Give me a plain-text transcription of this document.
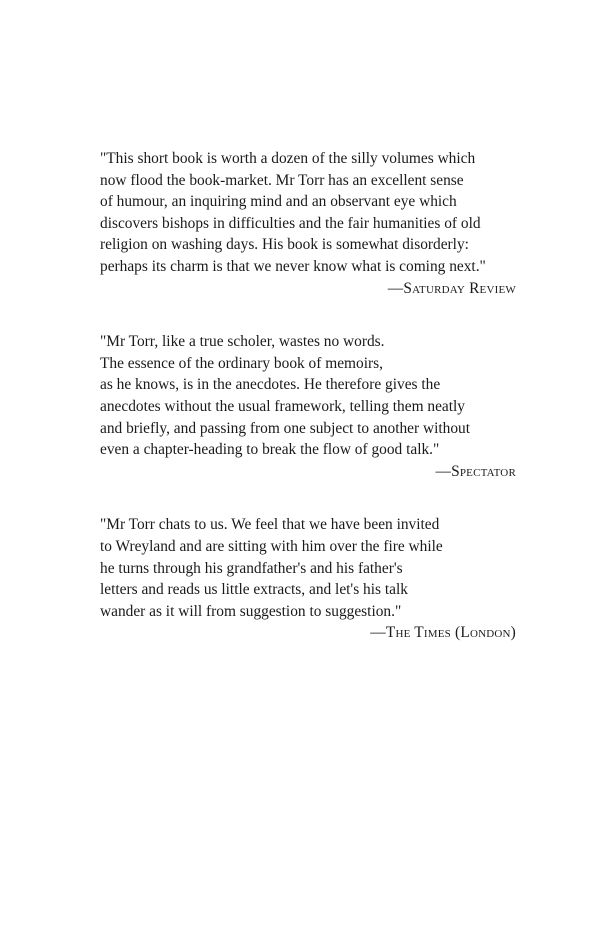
"This short book is worth a dozen of the silly volumes which
now flood the book-market. Mr Torr has an excellent sense
of humour, an inquiring mind and an observant eye which
discovers bishops in difficulties and the fair humanities of old
religion on washing days. His book is somewhat disorderly:
perhaps its charm is that we never know what is coming next."
—Saturday Review
"Mr Torr, like a true scholer, wastes no words.
The essence of the ordinary book of memoirs,
as he knows, is in the anecdotes. He therefore gives the
anecdotes without the usual framework, telling them neatly
and briefly, and passing from one subject to another without
even a chapter-heading to break the flow of good talk."
—Spectator
"Mr Torr chats to us. We feel that we have been invited
to Wreyland and are sitting with him over the fire while
he turns through his grandfather's and his father's
letters and reads us little extracts, and let's his talk
wander as it will from suggestion to suggestion."
—The Times (London)
